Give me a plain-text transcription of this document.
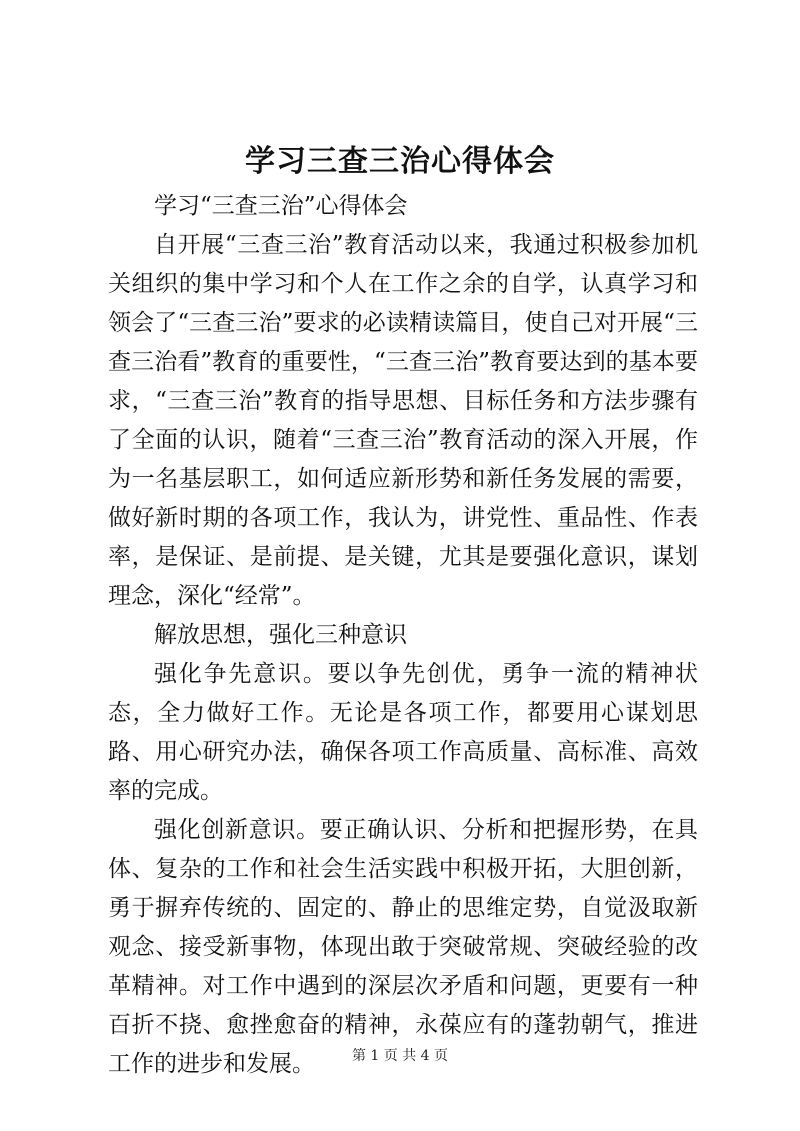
学习三查三治心得体会

学习“三查三治”心得体会

自开展“三查三治”教育活动以来，我通过积极参加机关组织的集中学习和个人在工作之余的自学，认真学习和领会了“三查三治”要求的必读精读篇目，使自己对开展“三查三治看”教育的重要性，“三查三治”教育要达到的基本要求，“三查三治”教育的指导思想、目标任务和方法步骤有了全面的认识，随着“三查三治”教育活动的深入开展，作为一名基层职工，如何适应新形势和新任务发展的需要，做好新时期的各项工作，我认为，讲党性、重品性、作表率，是保证、是前提、是关键，尤其是要强化意识，谋划理念，深化“经常”。

解放思想，强化三种意识

强化争先意识。要以争先创优，勇争一流的精神状态，全力做好工作。无论是各项工作，都要用心谋划思路、用心研究办法，确保各项工作高质量、高标准、高效率的完成。

强化创新意识。要正确认识、分析和把握形势，在具体、复杂的工作和社会生活实践中积极开拓，大胆创新，勇于摒弃传统的、固定的、静止的思维定势，自觉汲取新观念、接受新事物，体现出敢于突破常规、突破经验的改革精神。对工作中遇到的深层次矛盾和问题，更要有一种百折不挠、愈挫愈奋的精神，永葆应有的蓬勃朝气，推进工作的进步和发展。	第 1 页 共 4 页
